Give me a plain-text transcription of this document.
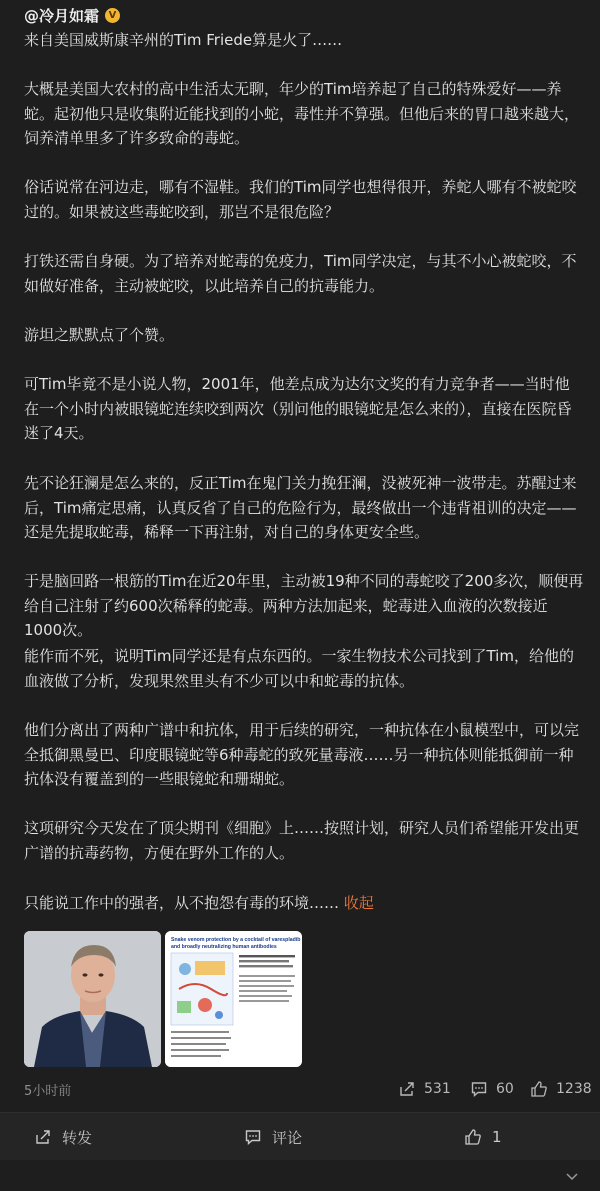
@冷月如霜 V

来自美国威斯康辛州的Tim Friede算是火了……

大概是美国大农村的高中生活太无聊，年少的Tim培养起了自己的特殊爱好——养蛇。起初他只是收集附近能找到的小蛇，毒性并不算强。但他后来的胃口越来越大，饲养清单里多了许多致命的毒蛇。

俗话说常在河边走，哪有不湿鞋。我们的Tim同学也想得很开，养蛇人哪有不被蛇咬过的。如果被这些毒蛇咬到，那岂不是很危险？

打铁还需自身硬。为了培养对蛇毒的免疫力，Tim同学决定，与其不小心被蛇咬，不如做好准备，主动被蛇咬，以此培养自己的抗毒能力。

游坦之默默点了个赞。

可Tim毕竟不是小说人物，2001年，他差点成为达尔文奖的有力竞争者——当时他在一个小时内被眼镜蛇连续咬到两次（别问他的眼镜蛇是怎么来的），直接在医院昏迷了4天。

先不论狂澜是怎么来的，反正Tim在鬼门关力挽狂澜，没被死神一波带走。苏醒过来后，Tim痛定思痛，认真反省了自己的危险行为，最终做出一个违背祖训的决定——还是先提取蛇毒，稀释一下再注射，对自己的身体更安全些。

于是脑回路一根筋的Tim在近20年里，主动被19种不同的毒蛇咬了200多次，顺便再给自己注射了约600次稀释的蛇毒。两种方法加起来，蛇毒进入血液的次数接近1000次。

能作而不死，说明Tim同学还是有点东西的。一家生物技术公司找到了Tim，给他的血液做了分析，发现果然里头有不少可以中和蛇毒的抗体。

他们分离出了两种广谱中和抗体，用于后续的研究，一种抗体在小鼠模型中，可以完全抵御黑曼巴、印度眼镜蛇等6种毒蛇的致死量毒液……另一种抗体则能抵御前一种抗体没有覆盖到的一些眼镜蛇和珊瑚蛇。

这项研究今天发在了顶尖期刊《细胞》上……按照计划，研究人员们希望能开发出更广谱的抗毒药物，方便在野外工作的人。

只能说工作中的强者，从不抱怨有毒的环境…… 收起

Snake venom protection by a cocktail of varespladib
and broadly neutralizing human antibodies
5小时前	531	60	1238
转发	评论	1
